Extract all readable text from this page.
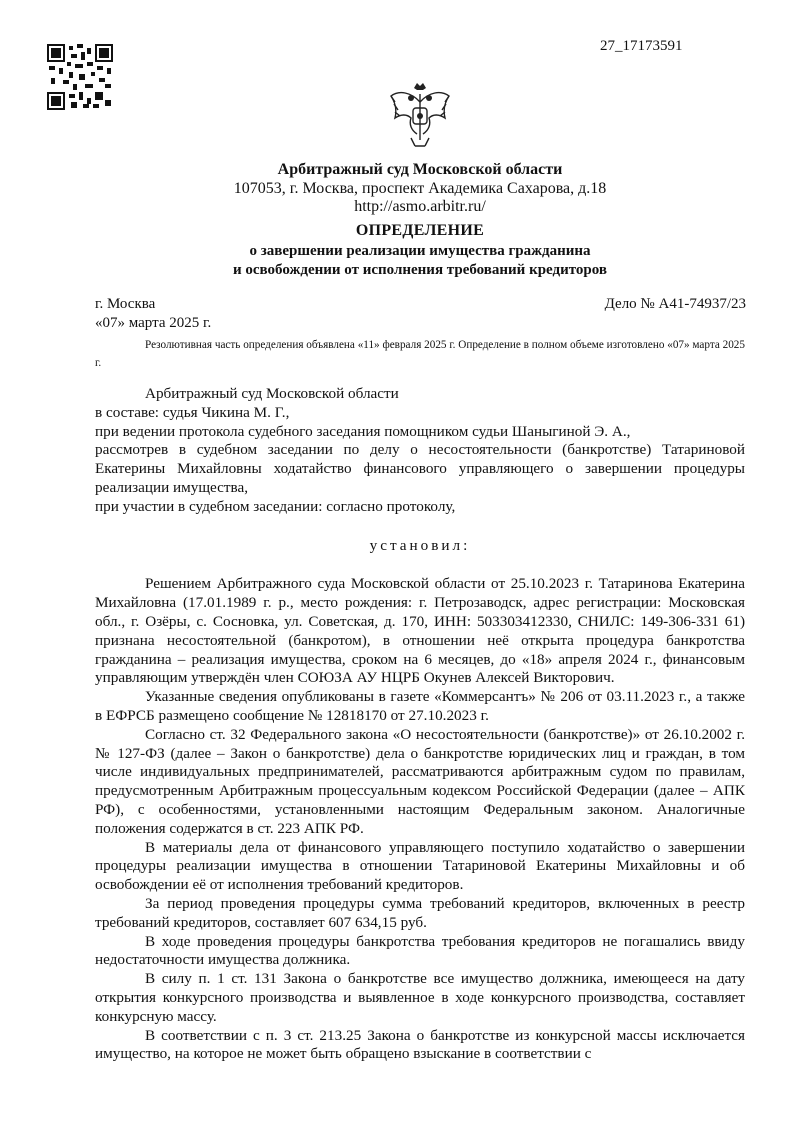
27_17173591
Арбитражный суд Московской области
107053, г. Москва, проспект Академика Сахарова, д.18
http://asmo.arbitr.ru/
ОПРЕДЕЛЕНИЕ
о завершении реализации имущества гражданина
и освобождении от исполнения требований кредиторов
г. Москва	Дело № А41-74937/23
«07» марта 2025 г.
Резолютивная часть определения объявлена «11» февраля 2025 г. Определение в полном объеме изготовлено «07» марта 2025 г.

Арбитражный суд Московской области

в составе: судья Чикина М. Г.,

при ведении протокола судебного заседания помощником судьи Шаныгиной Э. А.,

рассмотрев в судебном заседании по делу о несостоятельности (банкротстве) Татариновой Екатерины Михайловны ходатайство финансового управляющего о завершении процедуры реализации имущества,

при участии в судебном заседании: согласно протоколу,

установил:

Решением Арбитражного суда Московской области от 25.10.2023 г. Татаринова Екатерина Михайловна (17.01.1989 г. р., место рождения: г. Петрозаводск, адрес регистрации: Московская обл., г. Озёры, с. Сосновка, ул. Советская, д. 170, ИНН: 503303412330, СНИЛС: 149-306-331 61) признана несостоятельной (банкротом), в отношении неё открыта процедура банкротства гражданина – реализация имущества, сроком на 6 месяцев, до «18» апреля 2024 г., финансовым управляющим утверждён член СОЮЗА АУ НЦРБ Окунев Алексей Викторович.

Указанные сведения опубликованы в газете «Коммерсантъ» № 206 от 03.11.2023 г., а также в ЕФРСБ размещено сообщение № 12818170 от 27.10.2023 г.

Согласно ст. 32 Федерального закона «О несостоятельности (банкротстве)» от 26.10.2002 г. № 127-ФЗ (далее – Закон о банкротстве) дела о банкротстве юридических лиц и граждан, в том числе индивидуальных предпринимателей, рассматриваются арбитражным судом по правилам, предусмотренным Арбитражным процессуальным кодексом Российской Федерации (далее – АПК РФ), с особенностями, установленными настоящим Федеральным законом. Аналогичные положения содержатся в ст. 223 АПК РФ.

В материалы дела от финансового управляющего поступило ходатайство о завершении процедуры реализации имущества в отношении Татариновой Екатерины Михайловны и об освобождении её от исполнения требований кредиторов.

За период проведения процедуры сумма требований кредиторов, включенных в реестр требований кредиторов, составляет 607 634,15 руб.

В ходе проведения процедуры банкротства требования кредиторов не погашались ввиду недостаточности имущества должника.

В силу п. 1 ст. 131 Закона о банкротстве все имущество должника, имеющееся на дату открытия конкурсного производства и выявленное в ходе конкурсного производства, составляет конкурсную массу.

В соответствии с п. 3 ст. 213.25 Закона о банкротстве из конкурсной массы исключается имущество, на которое не может быть обращено взыскание в соответствии с
